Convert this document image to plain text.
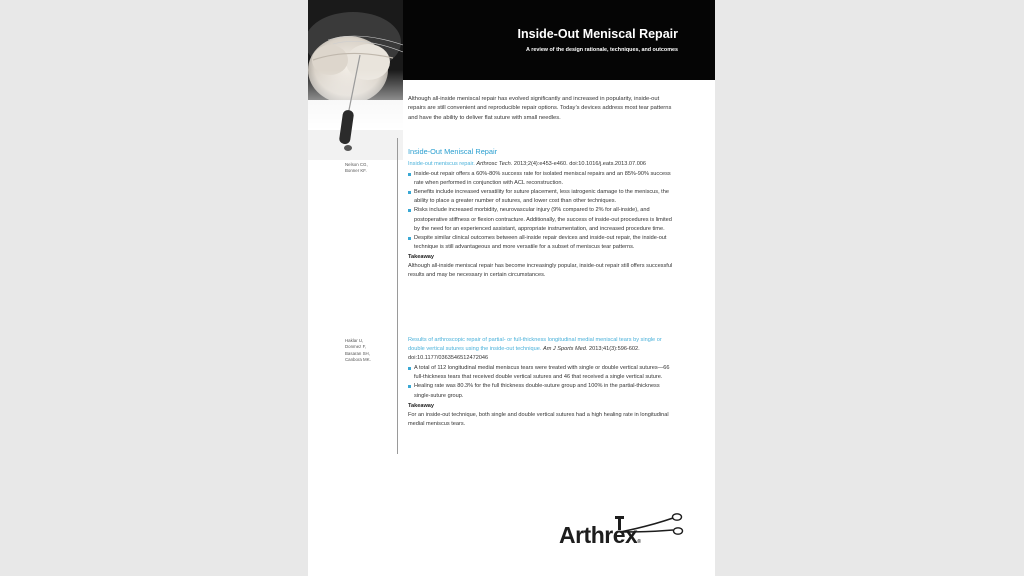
Inside-Out Meniscal Repair
A review of the design rationale, techniques, and outcomes
Although all-inside meniscal repair has evolved significantly and increased in popularity, inside-out repairs are still convenient and reproducible repair options. Today’s devices address most tear patterns and have the ability to deliver flat suture with small needles.
Inside-Out Meniscal Repair
Nelson CG,
Bonner KF.
Inside-out meniscus repair. Arthrosc Tech. 2013;2(4):e453-e460. doi:10.1016/j.eats.2013.07.006
Inside-out repair offers a 60%-80% success rate for isolated meniscal repairs and an 85%-90% success rate when performed in conjunction with ACL reconstruction.
Benefits include increased versatility for suture placement, less iatrogenic damage to the meniscus, the ability to place a greater number of sutures, and lower cost than other techniques.
Risks include increased morbidity, neurovascular injury (9% compared to 2% for all-inside), and postoperative stiffness or flexion contracture. Additionally, the success of inside-out procedures is limited by the need for an experienced assistant, appropriate instrumentation, and increased procedure time.
Despite similar clinical outcomes between all-inside repair devices and inside-out repair, the inside-out technique is still advantageous and more versatile for a subset of meniscus tear patterns.
Takeaway
Although all-inside meniscal repair has become increasingly popular, inside-out repair still offers successful results and may be necessary in certain circumstances.
Haklar U,
Donmez F,
Basaran SH,
Canbora MK.
Results of arthroscopic repair of partial- or full-thickness longitudinal medial meniscal tears by single or double vertical sutures using the inside-out technique. Am J Sports Med. 2013;41(3):596-602. doi:10.1177/0363546512472046
A total of 112 longitudinal medial meniscus tears were treated with single or double vertical sutures—66 full-thickness tears that received double vertical sutures and 46 that received a single vertical suture.
Healing rate was 80.3% for the full thickness double-suture group and 100% in the partial-thickness single-suture group.
Takeaway
For an inside-out technique, both single and double vertical sutures had a high healing rate in longitudinal medial meniscus tears.
Arthrex®
